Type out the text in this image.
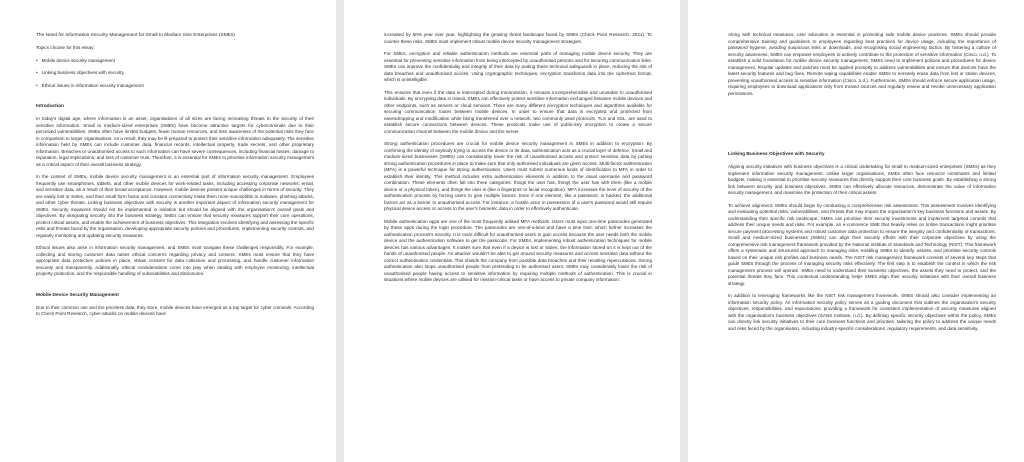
The Need for Information Security Management for Small to Medium Size Enterprises (SMEs)

Topics choose for this essay:

• Mobile device security management
• Linking business objectives with security
• Ethical issues in information security management
Introduction

In today's digital age, where information is an asset, organisations of all sizes are facing increasing threats to the security of their sensitive information. Small to medium-sized enterprises (SMEs) have become attractive targets for cybercriminals due to their perceived vulnerabilities. SMEs often have limited budgets, fewer human resources, and less awareness of the potential risks they face in comparison to larger organisations. As a result, they may be ill-prepared to protect their sensitive information adequately. The sensitive information held by SMEs can include customer data, financial records, intellectual property, trade secrets, and other proprietary information. Breaches or unauthorised access to such information can have severe consequences, including financial losses, damage to reputation, legal implications, and loss of customer trust. Therefore, it is essential for SMEs to prioritise information security management as a critical aspect of their overall business strategy.

In the context of SMEs, mobile device security management is an essential part of information security management. Employees frequently use smartphones, tablets, and other mobile devices for work-related tasks, including accessing corporate networks, email, and sensitive data, as a result of their broad acceptance. However, mobile devices present unique challenges in terms of security. They are easily lost or stolen, and their small form factor and constant connectivity make them more susceptible to malware, phishing attacks, and other cyber threats. Linking business objectives with security is another important aspect of information security management for SMEs. Security measures should not be implemented in isolation but should be aligned with the organisation's overall goals and objectives. By integrating security into the business strategy, SMEs can ensure that security measures support their core operations, protect critical assets, and enable the achievement of business objectives. This integration involves identifying and assessing the specific risks and threats faced by the organisation, developing appropriate security policies and procedures, implementing security controls, and regularly monitoring and updating security measures.

Ethical issues also arise in information security management, and SMEs must navigate these challenges responsibly. For example, collecting and storing customer data raises ethical concerns regarding privacy and consent. SMEs must ensure that they have appropriate data protection policies in place, obtain consent for data collection and processing, and handle customer information securely and transparently. Additionally, ethical considerations come into play when dealing with employee monitoring, intellectual property protection, and the responsible handling of vulnerabilities and disclosures.

Mobile Device Security Management

Due to their common use and the priceless data, they store, mobile devices have emerged as a top target for cyber criminals. According to Check Point Research, cyber-attacks on mobile devices have

increased by 50% year over year, highlighting the growing threat landscape faced by SMEs (Check Point Research, 2021). To counter these risks, SMEs must implement robust mobile device security management strategies.

For SMEs, encryption and reliable authentication methods are essential parts of managing mobile device security. They are essential for preventing sensitive information from being intercepted by unauthorised persons and for securing communication links. SMEs can improve the confidentiality and integrity of their data by putting these technical safeguards in place, reducing the risk of data breaches and unauthorised access. Using cryptographic techniques, encryption transforms data into the ciphertext format, which is unintelligible.

This ensures that even if the data is intercepted during transmission, it remains incomprehensible and unusable to unauthorised individuals. By encrypting data in transit, SMEs can effectively protect sensitive information exchanged between mobile devices and other endpoints, such as servers or cloud services. There are many different encryption techniques and algorithms available for securing communication routes between mobile devices. In order to ensure that data is encrypted and protected from eavesdropping and modification while being transferred over a network, two commonly used protocols, TLS and SSL, are used to establish secure connections between devices. These protocols make use of public-key encryption to create a secure communication channel between the mobile device and the server.

Strong authentication procedures are crucial for mobile device security management in SMEs in addition to encryption. By confirming the identity of anybody trying to access the device or its data, authentication acts as a crucial layer of defence. Small and medium-sized businesses (SMEs) can considerably lower the risk of unauthorised access and protect sensitive data by putting strong authentication procedures in place to make sure that only authorised individuals are given access. Multi-factor authentication (MFA) is a powerful technique for strong authentication. Users must submit numerous kinds of identification to MFA in order to establish their identity. This method includes extra authentication elements in addition to the usual username and password combination. These elements often fall into three categories: things the user has, things the user has with them (like a mobile device or a physical token), and things the user is (like a fingerprint or facial recognition). MFA increases the level of security of the authentication process by forcing users to give multiple factors. Even if one element, like a password, is hacked, the additional factors act as a barrier to unauthorised access. For instance, a hostile actor in possession of a user's password would still require physical device access or access to the user's biometric data in order to effectively authenticate.

Mobile authentication apps are one of the most frequently utilised MFA methods. Users must input one-time passcodes generated by these apps during the login procedure. The passcodes are one-of-a-kind and have a time limit, which further increases the authentication process's security. It is more difficult for unauthorised users to gain access because the user needs both the mobile device and the authentication software to get the passcode. For SMEs, implementing robust authentication techniques for mobile devices has various advantages. It makes sure that even if a device is lost or stolen, the information stored on it is kept out of the hands of unauthorised people. An attacker wouldn't be able to get around security measures and access sensitive data without the correct authentication credentials. This shields the company from possible data breaches and their resulting repercussions. Strong authentication also stops unauthorised people from pretending to be authorised users. SMEs may considerably lower the risk of unauthorised people having access to sensitive information by requiring multiple methods of authentication. This is crucial in situations where mobile devices are utilised for mission-critical tasks or have access to private company information.

Along with technical measures, user education is essential in promoting safe mobile device practices. SMEs should provide comprehensive training and guidelines to employees regarding best practices for device usage, including the importance of password hygiene, avoiding suspicious links or downloads, and recognising social engineering tactics. By fostering a culture of security awareness, SMEs can empower employees to actively contribute to the protection of sensitive information (Cisco, n.d.). To establish a solid foundation for mobile device security management, SMEs need to implement policies and procedures for device management. Regular updates and patches must be applied promptly to address vulnerabilities and ensure that devices have the latest security features and bug fixes. Remote wiping capabilities enable SMEs to remotely erase data from lost or stolen devices, preventing unauthorised access to sensitive information (Cisco, n.d.). Furthermore, SMEs should enforce secure application usage, requiring employees to download applications only from trusted sources and regularly review and revoke unnecessary application permissions.

Linking Business Objectives with Security

Aligning security initiatives with business objectives is a critical undertaking for small to medium-sized enterprises (SMEs) as they implement information security management. Unlike larger organisations, SMEs often face resource constraints and limited budgets, making it essential to prioritise security measures that directly support their core business goals. By establishing a strong link between security and business objectives, SMEs can effectively allocate resources, demonstrate the value of information security management, and maximise the protection of their critical assets.

To achieve alignment, SMEs should begin by conducting a comprehensive risk assessment. This assessment involves identifying and evaluating potential risks, vulnerabilities, and threats that may impact the organisation's key business functions and assets. By understanding their specific risk landscape, SMEs can prioritise their security investments and implement targeted controls that address their unique needs and risks. For example, an e-commerce SME that heavily relies on online transactions might prioritise secure payment processing systems and robust customer data protection to ensure the integrity and confidentiality of transactions. Small and medium-sized businesses (SMEs) can align their security efforts with their corporate objectives by using the comprehensive risk management framework provided by the National Institute of Standards and Technology (NIST). This framework offers a systematic and structured approach to managing risks, enabling SMEs to identify, assess, and prioritise security controls based on their unique risk profiles and business needs. The NIST risk management framework consists of several key steps that guide SMEs through the process of managing security risks effectively. The first step is to establish the context in which the risk management process will operate. SMEs need to understand their business objectives, the assets they need to protect, and the potential threats they face. This contextual understanding helps SMEs align their security initiatives with their overall business strategy.

In addition to leveraging frameworks like the NIST risk management framework, SMEs should also consider implementing an information security policy. An information security policy serves as a guiding document that outlines the organisation's security objectives, responsibilities, and expectations, providing a framework for consistent implementation of security measures aligned with the organisation's business objectives (SANS Institute, n.d.). By defining specific security objectives within the policy, SMEs can directly link security initiatives to their core business functions and priorities, tailoring the policy to address the unique needs and risks faced by the organisation, including industry-specific considerations, regulatory requirements, and data sensitivity.
